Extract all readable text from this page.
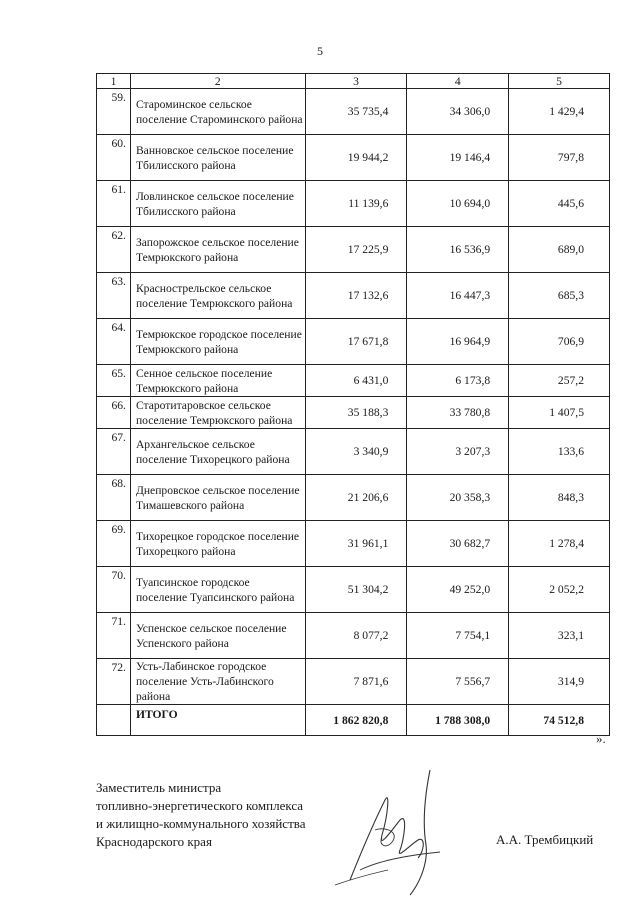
5
1	2	3	4	5
59.	Староминское сельское поселение Староминского района	35 735,4	34 306,0	1 429,4
60.	Ванновское сельское поселение Тбилисского района	19 944,2	19 146,4	797,8
61.	Ловлинское сельское поселение Тбилисского района	11 139,6	10 694,0	445,6
62.	Запорожское сельское поселение Темрюкского района	17 225,9	16 536,9	689,0
63.	Краснострельское сельское поселение Темрюкского района	17 132,6	16 447,3	685,3
64.	Темрюкское городское поселение Темрюкского района	17 671,8	16 964,9	706,9
65.	Сенное сельское поселение Темрюкского района	6 431,0	6 173,8	257,2
66.	Старотитаровское сельское поселение Темрюкского района	35 188,3	33 780,8	1 407,5
67.	Архангельское сельское поселение Тихорецкого района	3 340,9	3 207,3	133,6
68.	Днепровское сельское поселение Тимашевского района	21 206,6	20 358,3	848,3
69.	Тихорецкое городское поселение Тихорецкого района	31 961,1	30 682,7	1 278,4
70.	Туапсинское городское поселение Туапсинского района	51 304,2	49 252,0	2 052,2
71.	Успенское сельское поселение Успенского района	8 077,2	7 754,1	323,1
72.	Усть-Лабинское городское поселение Усть-Лабинского района	7 871,6	7 556,7	314,9
	ИТОГО	1 862 820,8	1 788 308,0	74 512,8
».
Заместитель министра
топливно-энергетического комплекса
и жилищно-коммунального хозяйства
Краснодарского края	А.А. Трембицкий
